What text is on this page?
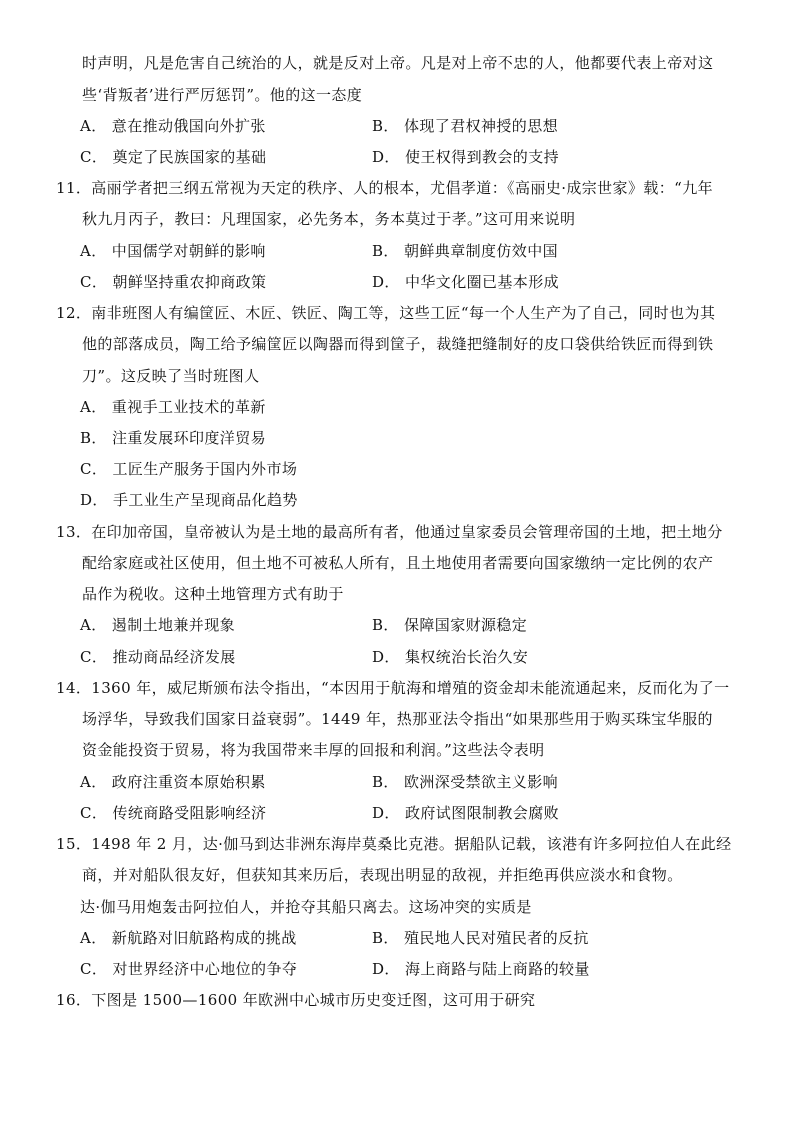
时声明，凡是危害自己统治的人，就是反对上帝。凡是对上帝不忠的人，他都要代表上帝对这
些‘背叛者’进行严厉惩罚”。他的这一态度
A． 意在推动俄国向外扩张	B． 体现了君权神授的思想
C． 奠定了民族国家的基础	D． 使王权得到教会的支持
11．高丽学者把三纲五常视为天定的秩序、人的根本，尤倡孝道：《高丽史·成宗世家》载：“九年
秋九月丙子，教曰：凡理国家，必先务本，务本莫过于孝。”这可用来说明
A． 中国儒学对朝鲜的影响	B． 朝鲜典章制度仿效中国
C． 朝鲜坚持重农抑商政策	D． 中华文化圈已基本形成
12．南非班图人有编筐匠、木匠、铁匠、陶工等，这些工匠“每一个人生产为了自己，同时也为其
他的部落成员，陶工给予编筐匠以陶器而得到筐子，裁缝把缝制好的皮口袋供给铁匠而得到铁
刀”。这反映了当时班图人
A． 重视手工业技术的革新
B． 注重发展环印度洋贸易
C． 工匠生产服务于国内外市场
D． 手工业生产呈现商品化趋势
13．在印加帝国，皇帝被认为是土地的最高所有者，他通过皇家委员会管理帝国的土地，把土地分
配给家庭或社区使用，但土地不可被私人所有，且土地使用者需要向国家缴纳一定比例的农产
品作为税收。这种土地管理方式有助于
A． 遏制土地兼并现象	B． 保障国家财源稳定
C． 推动商品经济发展	D． 集权统治长治久安
14．1360 年，威尼斯颁布法令指出，“本因用于航海和增殖的资金却未能流通起来，反而化为了一
场浮华，导致我们国家日益衰弱”。1449 年，热那亚法令指出“如果那些用于购买珠宝华服的
资金能投资于贸易，将为我国带来丰厚的回报和利润。”这些法令表明
A． 政府注重资本原始积累	B． 欧洲深受禁欲主义影响
C． 传统商路受阻影响经济	D． 政府试图限制教会腐败
15．1498 年 2 月，达·伽马到达非洲东海岸莫桑比克港。据船队记载，该港有许多阿拉伯人在此经
商，并对船队很友好，但获知其来历后，表现出明显的敌视，并拒绝再供应淡水和食物。
达·伽马用炮轰击阿拉伯人，并抢夺其船只离去。这场冲突的实质是
A． 新航路对旧航路构成的挑战	B． 殖民地人民对殖民者的反抗
C． 对世界经济中心地位的争夺	D． 海上商路与陆上商路的较量
16．下图是 1500—1600 年欧洲中心城市历史变迁图，这可用于研究
